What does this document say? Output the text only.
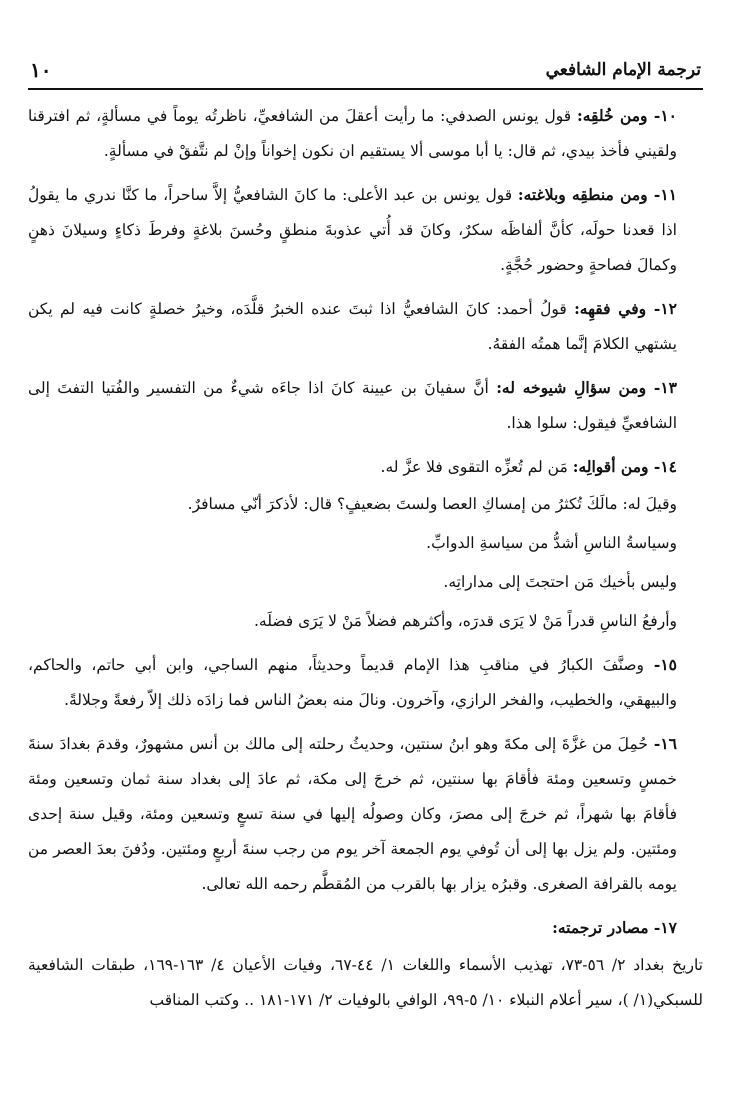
ترجمة الإمام الشافعي
١٠

١٠- ومن خُلقِه: قول يونس الصدفي: ما رأيت أعقلَ من الشافعيِّ، ناظرتُه يوماً في مسألةٍ، ثم افترقنا ولقيني فأخذ بيدي، ثم قال: يا أبا موسى ألا يستقيم ان نكون إخواناً وإنْ لم نتَّفقْ في مسألةٍ.

١١- ومن منطقِه وبلاغته: قول يونس بن عبد الأعلى: ما كانَ الشافعيُّ إلاَّ ساحراً، ما كنَّا ندري ما يقولُ اذا قعدنا حولَه، كأنَّ ألفاظَه سكرٌ، وكانَ قد أُتي عذوبةَ منطقٍ وحُسنَ بلاغةٍ وفرطَ ذكاءٍ وسيلانَ ذهنٍ وكمالَ فصاحةٍ وحضور حُجَّةٍ.

١٢- وفي فقهِه: قولُ أحمد: كانَ الشافعيُّ اذا ثبتَ عنده الخبرُ قلَّدَه، وخيرُ خصلةٍ كانت فيه لم يكن يشتهي الكلامَ إنَّما همتُه الفقهُ.

١٣- ومن سؤالِ شيوخه له: أنَّ سفيانَ بن عيينة كانَ اذا جاءَه شيءٌ من التفسير والفُتيا التفتَ إلى الشافعيِّ فيقول: سلوا هذا.

١٤- ومن أقوالِه: مَن لم تُعزِّه التقوى فلا عزَّ له.

وقيلَ له: مالَكَ تُكثرُ من إمساكِ العصا ولستَ بضعيفٍ؟ قال: لأذكرَ أنّي مسافرٌ.

وسياسةُ الناسِ أشدُّ من سياسةِ الدوابِّ.

وليس بأخيك مَن احتجتَ إلى مداراتِه.

وأرفعُ الناسِ قدراً مَنْ لا يَرَى قدرَه، وأكثرهم فضلاً مَنْ لا يَرَى فضلَه.

١٥- وصنَّفَ الكبارُ في مناقبِ هذا الإمام قديماً وحديثاً، منهم الساجي، وابن أبي حاتم، والحاكم، والبيهقي، والخطيب، والفخر الرازي، وآخرون. ونالَ منه بعضُ الناس فما زادَه ذلك إلاّ رفعةً وجلالةً.

١٦- حُمِلَ من غزَّةَ إلى مكةَ وهو ابنُ سنتين، وحديثُ رحلته إلى مالك بن أنس مشهورٌ، وقدمَ بغدادَ سنةَ خمسٍ وتسعين ومئة فأقامَ بها سنتين، ثم خرجَ إلى مكة، ثم عادَ إلى بغداد سنة ثمان وتسعين ومئة فأقامَ بها شهراً، ثم خرجَ إلى مصرَ، وكان وصولُه إليها في سنة تسعٍ وتسعين ومئة، وقيل سنة إحدى ومئتين. ولم يزل بها إلى أن تُوفي يوم الجمعة آخر يوم من رجب سنةَ أربعٍ ومئتين. ودُفنَ بعدَ العصر من يومه بالقرافة الصغرى. وقبرُه يزار بها بالقرب من المُقطَّم رحمه الله تعالى.

١٧- مصادر ترجمته:

تاريخ بغداد ٢/ ٥٦-٧٣، تهذيب الأسماء واللغات ١/ ٤٤-٦٧، وفيات الأعيان ٤/ ١٦٣-١٦٩، طبقات الشافعية للسبكي(١/ )، سير أعلام النبلاء ١٠/ ٥-٩٩، الوافي بالوفيات ٢/ ١٧١-١٨١ .. وكتب المناقب
